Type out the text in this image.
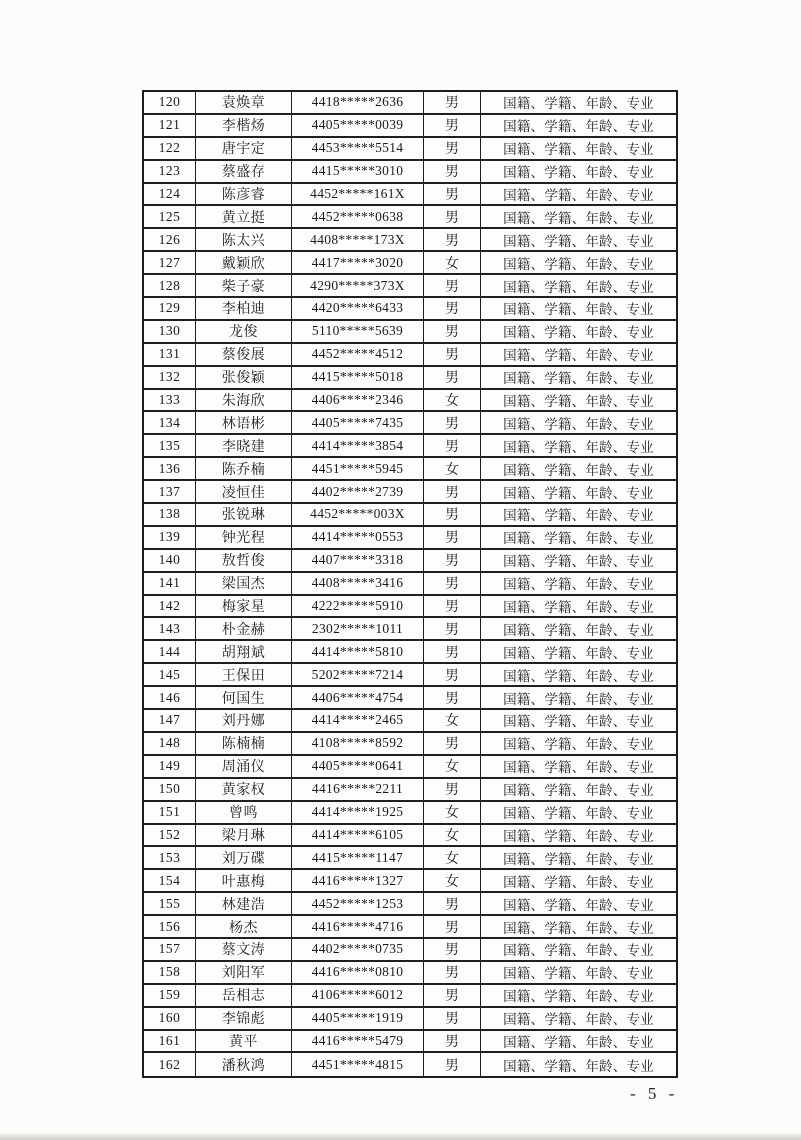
120	袁焕章	4418*****2636	男	国籍、学籍、年龄、专业
121	李楷炀	4405*****0039	男	国籍、学籍、年龄、专业
122	唐宇定	4453*****5514	男	国籍、学籍、年龄、专业
123	蔡盛存	4415*****3010	男	国籍、学籍、年龄、专业
124	陈彦睿	4452*****161X	男	国籍、学籍、年龄、专业
125	黄立挺	4452*****0638	男	国籍、学籍、年龄、专业
126	陈太兴	4408*****173X	男	国籍、学籍、年龄、专业
127	戴颖欣	4417*****3020	女	国籍、学籍、年龄、专业
128	柴子豪	4290*****373X	男	国籍、学籍、年龄、专业
129	李柏迪	4420*****6433	男	国籍、学籍、年龄、专业
130	龙俊	5110*****5639	男	国籍、学籍、年龄、专业
131	蔡俊展	4452*****4512	男	国籍、学籍、年龄、专业
132	张俊颖	4415*****5018	男	国籍、学籍、年龄、专业
133	朱海欣	4406*****2346	女	国籍、学籍、年龄、专业
134	林语彬	4405*****7435	男	国籍、学籍、年龄、专业
135	李晓建	4414*****3854	男	国籍、学籍、年龄、专业
136	陈乔楠	4451*****5945	女	国籍、学籍、年龄、专业
137	凌恒佳	4402*****2739	男	国籍、学籍、年龄、专业
138	张锐琳	4452*****003X	男	国籍、学籍、年龄、专业
139	钟光程	4414*****0553	男	国籍、学籍、年龄、专业
140	敖哲俊	4407*****3318	男	国籍、学籍、年龄、专业
141	梁国杰	4408*****3416	男	国籍、学籍、年龄、专业
142	梅家星	4222*****5910	男	国籍、学籍、年龄、专业
143	朴金赫	2302*****1011	男	国籍、学籍、年龄、专业
144	胡翔斌	4414*****5810	男	国籍、学籍、年龄、专业
145	王保田	5202*****7214	男	国籍、学籍、年龄、专业
146	何国生	4406*****4754	男	国籍、学籍、年龄、专业
147	刘丹娜	4414*****2465	女	国籍、学籍、年龄、专业
148	陈楠楠	4108*****8592	男	国籍、学籍、年龄、专业
149	周涌仪	4405*****0641	女	国籍、学籍、年龄、专业
150	黄家权	4416*****2211	男	国籍、学籍、年龄、专业
151	曾鸣	4414*****1925	女	国籍、学籍、年龄、专业
152	梁月琳	4414*****6105	女	国籍、学籍、年龄、专业
153	刘万碟	4415*****1147	女	国籍、学籍、年龄、专业
154	叶惠梅	4416*****1327	女	国籍、学籍、年龄、专业
155	林建浩	4452*****1253	男	国籍、学籍、年龄、专业
156	杨杰	4416*****4716	男	国籍、学籍、年龄、专业
157	蔡文涛	4402*****0735	男	国籍、学籍、年龄、专业
158	刘阳军	4416*****0810	男	国籍、学籍、年龄、专业
159	岳相志	4106*****6012	男	国籍、学籍、年龄、专业
160	李锦彪	4405*****1919	男	国籍、学籍、年龄、专业
161	黄平	4416*****5479	男	国籍、学籍、年龄、专业
162	潘秋鸿	4451*****4815	男	国籍、学籍、年龄、专业
- 5 -
